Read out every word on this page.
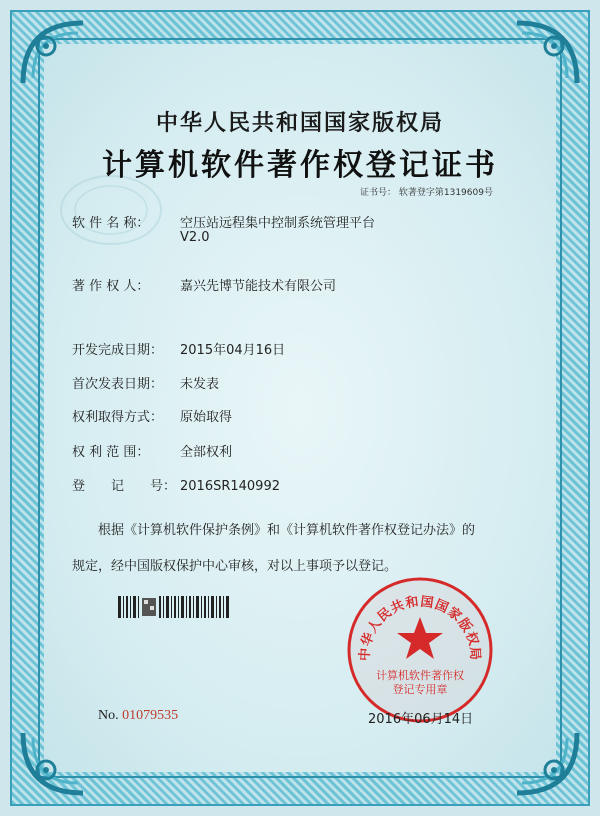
中华人民共和国国家版权局
计算机软件著作权登记证书
证书号： 软著登字第1319609号
软 件 名 称： 空压站远程集中控制系统管理平台
V2.0
著 作 权 人： 嘉兴先博节能技术有限公司
开发完成日期： 2015年04月16日
首次发表日期： 未发表
权利取得方式： 原始取得
权 利 范 围： 全部权利
登　　记　　号： 2016SR140992
根据《计算机软件保护条例》和《计算机软件著作权登记办法》的
规定，经中国版权保护中心审核，对以上事项予以登记。
No. 01079535
中华人民共和国国家版权局
计算机软件著作权
登记专用章
2016年06月14日
